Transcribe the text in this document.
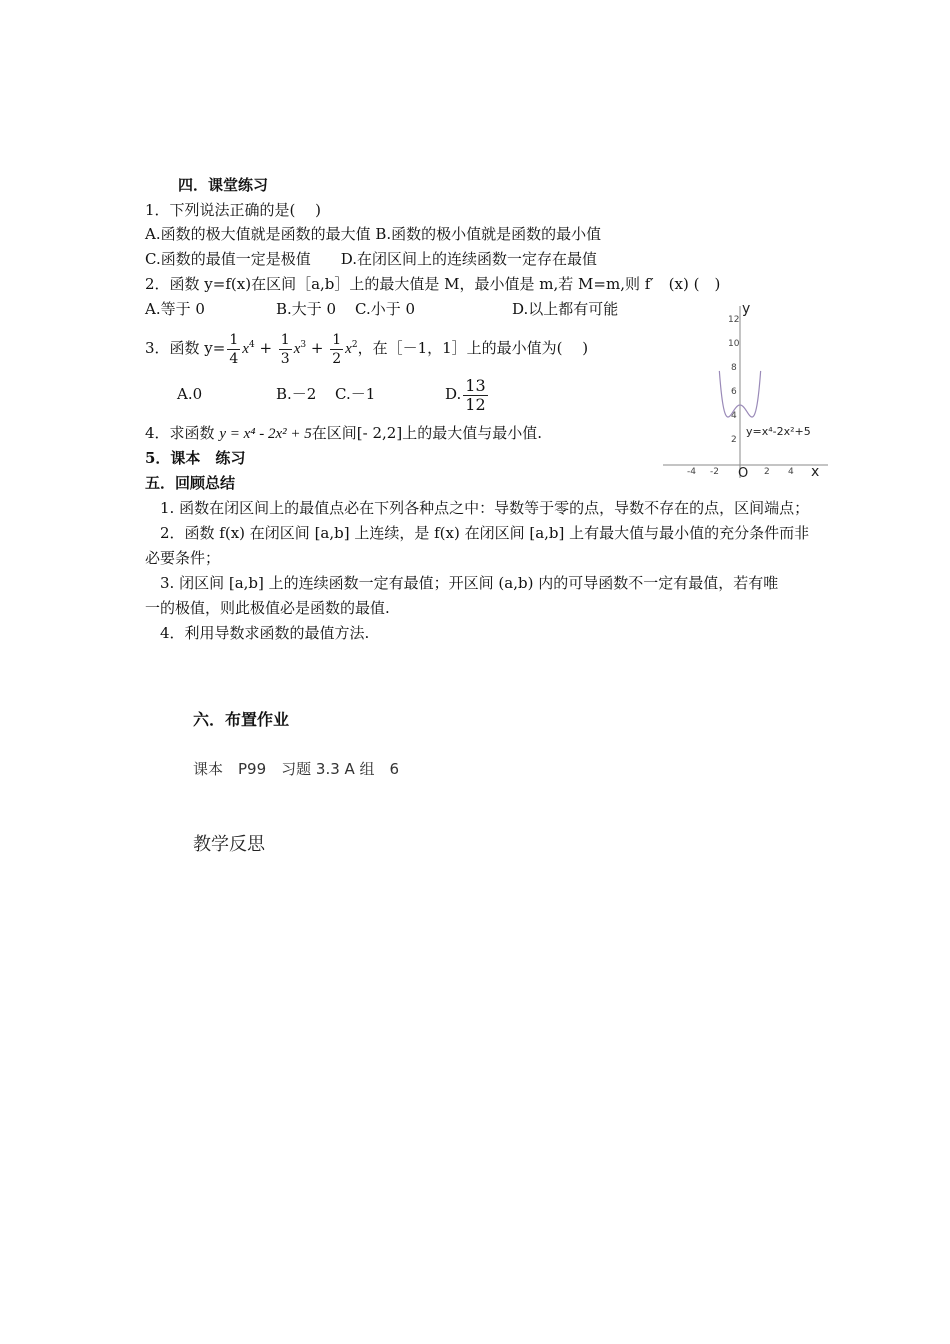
四．课堂练习
1．下列说法正确的是(　 )
A.函数的极大值就是函数的最大值 B.函数的极小值就是函数的最小值
C.函数的最值一定是极值　　D.在闭区间上的连续函数一定存在最值
2．函数 y=f(x)在区间［a,b］上的最大值是 M，最小值是 m,若 M=m,则 f′　(x) (　)
A.等于 0	B.大于 0 C.小于 0	D.以上都有可能
3．函数 $y= \frac{1}{4} x^4 + \frac{1}{3} x^3 + \frac{1}{2} x^2$，在［－1，1］上的最小值为(　 )
A.0	B.－2 C.－1	D. $\frac{13}{12}$
4．求函数 y = x⁴ - 2x² + 5在区间[- 2,2]上的最大值与最小值.
5．课本　练习
12
10
8
6
4
2
-4 -2	2 4
y
x
O
y=x⁴-2x²+5
五．回顾总结
1. 函数在闭区间上的最值点必在下列各种点之中：导数等于零的点，导数不存在的点，区间端点；
2．函数 f(x) 在闭区间 [a,b] 上连续，是 f(x) 在闭区间 [a,b] 上有最大值与最小值的充分条件而非
必要条件；
3. 闭区间 [a,b] 上的连续函数一定有最值；开区间 (a,b) 内的可导函数不一定有最值，若有唯
一的极值，则此极值必是函数的最值.
4．利用导数求函数的最值方法.
六．布置作业
课本　P99　习题 3.3 A 组　6
教学反思
